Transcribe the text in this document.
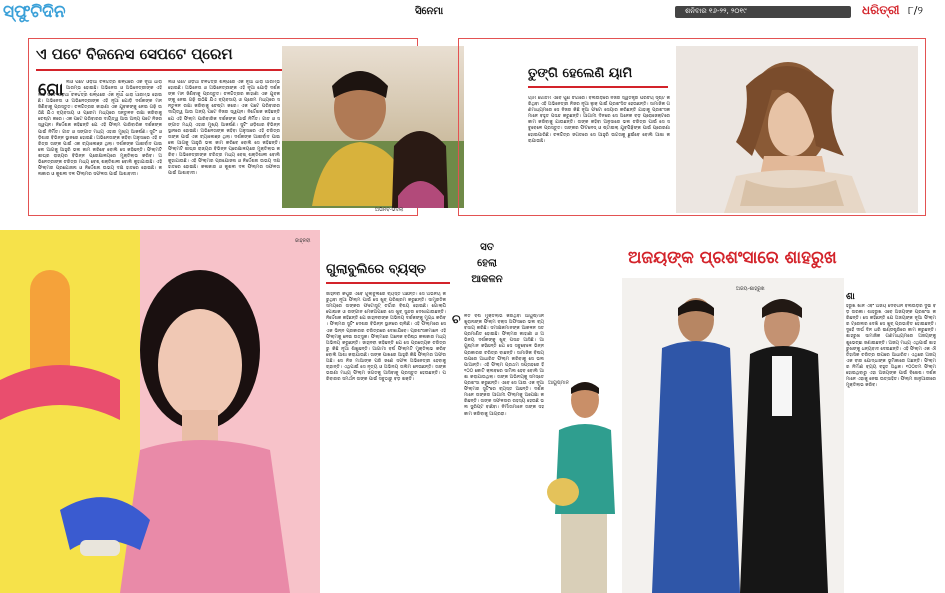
ସ୍ଫୁଟିଦିନ	ସିନେମା	ଶନିବାର ୧୬-୨୨, ୨୦୧୯	ଧରିତ୍ରୀ ୮/୨
ଏ ପଟେ ବିଜନେସ ସେପଟେ ପ୍ରେମ
ଗୋ ଲିଓ ପଟେ ଓଡ଼ିଆ ଚଳଚ୍ଚିତ୍ର ଶିଳ୍ପରେ ଏକ ନୂଆ ଧାରା ଆରମ୍ଭ ହୋଇଛି। ଅଭିନେତା ଓ ଅଭିନେତ୍ରୀଙ୍କ ଏହି
ଲିଓ ପଟେ ଓଡ଼ିଆ ଚଳଚ୍ଚିତ୍ର ଶିଳ୍ପରେ ଏକ ନୂଆ ଧାରା ଆରମ୍ଭ ହୋଇଛି। ଅଭିନେତା ଓ ଅଭିନେତ୍ରୀଙ୍କ ଏହି ନୂଆ ଯୋଡ଼ି ଦର୍ଶକଙ୍କ ମନ ଜିଣିବାକୁ ପ୍ରସ୍ତୁତ। ଚଳଚ୍ଚିତ୍ରର କାହାଣୀ ଏକ ଯୁବକଙ୍କୁ ନେଇ ଗଢ଼ି ଉଠିଛି ଯିଏ ବ୍ୟବସାୟ ଓ ପ୍ରେମ ମଧ୍ୟରେ ସନ୍ତୁଳନ ରକ୍ଷା କରିବାକୁ ଚେଷ୍ଟା କରେ। ଏକ ପଟେ ପରିବାରର ଦାୟିତ୍ୱ ଆଉ ଅନ୍ୟ ପଟେ ନିଜର ସ୍ୱପ୍ନ। ନିର୍ଦ୍ଦେଶକ କହିଛନ୍ତି ଯେ ଏହି ଫିଲ୍ମ ପାରିବାରିକ ଦର୍ଶକଙ୍କ ପାଇଁ ନିର୍ମିତ। ଗୀତ ଓ ସଙ୍ଗୀତ ମଧ୍ୟ ଏହାର ମୁଖ୍ୟ ଆକର୍ଷଣ। ସୁଟିଂ ଓଡ଼ିଶାର ବିଭିନ୍ନ ସ୍ଥାନରେ ହୋଇଛି। ଅଭିନେତାଙ୍କ କହିବା ଅନୁସାରେ ଏହି ଚରିତ୍ର ତାଙ୍କ ପାଇଁ ଏକ ଚ୍ୟାଲେଞ୍ଜ ଥିଲା। ଦର୍ଶକଙ୍କ ଆଶୀର୍ବାଦ ପାଇଲେ ଆଗକୁ ଆହୁରି ଭଲ କାମ କରିବେ ବୋଲି ସେ କହିଛନ୍ତି। ଫିଲ୍ମଟି ଶୀଘ୍ର ରାଜ୍ୟର ବିଭିନ୍ନ ପ୍ରେକ୍ଷାଳୟରେ ମୁକ୍ତିଲାଭ କରିବ। ଅଭିନେତ୍ରୀଙ୍କ ଚରିତ୍ର ମଧ୍ୟ ବେଶ୍ ଶକ୍ତିଶାଳୀ ବୋଲି କୁହାଯାଉଛି। ଏହି ଫିଲ୍ମର ପ୍ରଯୋଜନା ଓ ନିର୍ଦ୍ଦେଶନା ଉଭୟ ଦକ୍ଷ ହାତରେ ହୋଇଛି। କଳାକାର ଓ କୁଶଳୀ ଦଳ ଫିଲ୍ମର ସଫଳତା ପାଇଁ ଆଶାବାଦୀ।
ଲିଓ ପଟେ ଓଡ଼ିଆ ଚଳଚ୍ଚିତ୍ର ଶିଳ୍ପରେ ଏକ ନୂଆ ଧାରା ଆରମ୍ଭ ହୋଇଛି। ଅଭିନେତା ଓ ଅଭିନେତ୍ରୀଙ୍କ ଏହି ନୂଆ ଯୋଡ଼ି ଦର୍ଶକଙ୍କ ମନ ଜିଣିବାକୁ ପ୍ରସ୍ତୁତ। ଚଳଚ୍ଚିତ୍ରର କାହାଣୀ ଏକ ଯୁବକଙ୍କୁ ନେଇ ଗଢ଼ି ଉଠିଛି ଯିଏ ବ୍ୟବସାୟ ଓ ପ୍ରେମ ମଧ୍ୟରେ ସନ୍ତୁଳନ ରକ୍ଷା କରିବାକୁ ଚେଷ୍ଟା କରେ। ଏକ ପଟେ ପରିବାରର ଦାୟିତ୍ୱ ଆଉ ଅନ୍ୟ ପଟେ ନିଜର ସ୍ୱପ୍ନ। ନିର୍ଦ୍ଦେଶକ କହିଛନ୍ତି ଯେ ଏହି ଫିଲ୍ମ ପାରିବାରିକ ଦର୍ଶକଙ୍କ ପାଇଁ ନିର୍ମିତ। ଗୀତ ଓ ସଙ୍ଗୀତ ମଧ୍ୟ ଏହାର ମୁଖ୍ୟ ଆକର୍ଷଣ। ସୁଟିଂ ଓଡ଼ିଶାର ବିଭିନ୍ନ ସ୍ଥାନରେ ହୋଇଛି। ଅଭିନେତାଙ୍କ କହିବା ଅନୁସାରେ ଏହି ଚରିତ୍ର ତାଙ୍କ ପାଇଁ ଏକ ଚ୍ୟାଲେଞ୍ଜ ଥିଲା। ଦର୍ଶକଙ୍କ ଆଶୀର୍ବାଦ ପାଇଲେ ଆଗକୁ ଆହୁରି ଭଲ କାମ କରିବେ ବୋଲି ସେ କହିଛନ୍ତି। ଫିଲ୍ମଟି ଶୀଘ୍ର ରାଜ୍ୟର ବିଭିନ୍ନ ପ୍ରେକ୍ଷାଳୟରେ ମୁକ୍ତିଲାଭ କରିବ। ଅଭିନେତ୍ରୀଙ୍କ ଚରିତ୍ର ମଧ୍ୟ ବେଶ୍ ଶକ୍ତିଶାଳୀ ବୋଲି କୁହାଯାଉଛି। ଏହି ଫିଲ୍ମର ପ୍ରଯୋଜନା ଓ ନିର୍ଦ୍ଦେଶନା ଉଭୟ ଦକ୍ଷ ହାତରେ ହୋଇଛି। କଳାକାର ଓ କୁଶଳୀ ଦଳ ଫିଲ୍ମର ସଫଳତା ପାଇଁ ଆଶାବାଦୀ।
ଅଭିନବ-ଭିଦଲା
ତୁଙ୍ଗି ହେଲେଣି ୟାମି
ୟାମି ଗୌତମ ଏବେ ପୁଣି ଚର୍ଚ୍ଚାରେ। ବଲିଉଡ଼ରେ ନିଜର ସ୍ୱତନ୍ତ୍ର ପରିଚୟ ସୃଷ୍ଟି କରିଥିବା ଏହି ଅଭିନେତ୍ରୀ ନିଜର ନୂଆ ଲୁକ୍ ପାଇଁ ପ୍ରଶଂସିତ ହେଉଛନ୍ତି। ସାମାଜିକ ଗଣମାଧ୍ୟମରେ ସେ ନିଜର କିଛି ନୂଆ ଫଟୋ ସେୟାର କରିଛନ୍ତି ଯାହାକୁ ପ୍ରଶଂସକମାନେ ବହୁତ ପସନ୍ଦ କରୁଛନ୍ତି। ଆଗାମୀ ଦିନରେ ସେ ଅନେକ ବଡ଼ ପ୍ରୋଜେକ୍ଟରେ କାମ କରିବାକୁ ଯାଉଛନ୍ତି। ତାଙ୍କ କହିବା ଅନୁସାରେ ଭଲ ଚରିତ୍ର ପାଇଁ ସେ ସବୁବେଳେ ପ୍ରସ୍ତୁତ। ତାଙ୍କର ଫିଟନେସ୍ ଓ ଷ୍ଟାଇଲ୍ ଯୁବପିଢ଼ିଙ୍କ ପାଇଁ ପ୍ରେରଣା ହୋଇପାରିଛି। ଚଳଚ୍ଚିତ୍ର ଜଗତରେ ସେ ଆହୁରି ଉଚ୍ଚତାକୁ ଛୁଇଁବେ ବୋଲି ଆଶା କରାଯାଉଛି।
ଜାହ୍ନବୀ
ଗୁଲାବୁଲିରେ ବ୍ୟସ୍ତ
ଜାହ୍ନବୀ କପୁର ଏବେ ଗୁଲାବୁଲିରେ ବ୍ୟସ୍ତ ଅଛନ୍ତି। ସେ ଅଭିନୟ କରୁଥିବା ନୂଆ ଫିଲ୍ମ ପାଇଁ ସେ ଖୁବ୍ ପରିଶ୍ରମ କରୁଛନ୍ତି। ସାମ୍ପ୍ରତିକ ସମୟରେ ତାଙ୍କର ଫଟୋସୁଟ୍ ଚର୍ଚ୍ଚାର ବିଷୟ ହୋଇଛି। ଗୋଲାପି ପୋଷାକ ଓ ରଙ୍ଗୀନ ମେକଅପରେ ସେ ଖୁବ୍ ସୁନ୍ଦର ଦେଖାଯାଉଛନ୍ତି। ନିର୍ଦ୍ଦେଶକ କହିଛନ୍ତି ଯେ ଜାହ୍ନବୀଙ୍କ ଅଭିନୟ ଦର୍ଶକଙ୍କୁ ମୁଗ୍ଧ କରିବ। ଫିଲ୍ମର ସୁଟିଂ ଦେଶର ବିଭିନ୍ନ ସ୍ଥାନରେ ଚାଲିଛି। ଏହି ଫିଲ୍ମରେ ସେ ଏକ ଭିନ୍ନ ପ୍ରକାରର ଚରିତ୍ରରେ ଦେଖାଯିବେ। ପ୍ରଶଂସକମାନେ ଏହି ଫିଲ୍ମକୁ ନେଇ ଉତ୍ସୁକ। ଫିଲ୍ମରେ ଅନେକ ବରିଷ୍ଠ କଳାକାର ମଧ୍ୟ ଅଭିନୟ କରୁଛନ୍ତି। ଜାହ୍ନବୀ କହିଛନ୍ତି ଯେ ସେ ପ୍ରତ୍ୟେକ ଚରିତ୍ରରୁ କିଛି ନୂଆ ଶିଖୁଛନ୍ତି। ଆଗାମୀ ବର୍ଷ ଫିଲ୍ମଟି ମୁକ୍ତିଲାଭ କରିବ ବୋଲି ଆଶା କରାଯାଉଛି। ତାଙ୍କ ପାଖରେ ଆହୁରି କିଛି ଫିଲ୍ମର ଅଫର ଅଛି। ସେ ନିଜ ମାଆଙ୍କ ପରି ଜଣେ ସଫଳ ଅଭିନେତ୍ରୀ ହେବାକୁ ଚାହାନ୍ତି। ଏଥିପାଇଁ ସେ ନୃତ୍ୟ ଓ ଅଭିନୟ ତାଲିମ ନେଉଛନ୍ତି। ତାଙ୍କ ଭଉଣୀ ମଧ୍ୟ ଫିଲ୍ମ ଜଗତକୁ ଆସିବାକୁ ପ୍ରସ୍ତୁତ ହେଉଛନ୍ତି। ପରିବାରର ସମର୍ଥନ ତାଙ୍କ ପାଇଁ ସବୁଠାରୁ ବଡ଼ ଶକ୍ତି।
ସତ
ହେଲା
ଆକଳନ
ଚ ଳିତ ବର୍ଷ ମୁକ୍ତିଲାଭ କରିଥିବା ଆୟୁଷ୍ମାନ ଖୁରାନାଙ୍କ ଫିଲ୍ମ ବକ୍ସ ଅଫିସରେ ଭଲ ବ୍ୟବସାୟ କରିଛି। ସମୀକ୍ଷକମାନଙ୍କ ଆକଳନ ସତ ପ୍ରମାଣିତ ହୋଇଛି। ଫିଲ୍ମର କାହାଣୀ ଓ ଅଭିନୟ ଦର୍ଶକଙ୍କୁ ଖୁବ୍ ପସନ୍ଦ ଆସିଛି। ଆୟୁଷ୍ମାନ କହିଛନ୍ତି ଯେ ସେ ସବୁବେଳେ ଭିନ୍ନ ପ୍ରକାରର ଚରିତ୍ର ବାଛନ୍ତି। ସାମାଜିକ ବିଷୟ ଉପରେ ଆଧାରିତ ଫିଲ୍ମ କରିବାକୁ ସେ ଭଲ ପାଆନ୍ତି। ଏହି ଫିଲ୍ମ ପ୍ରଥମ ସପ୍ତାହରେ ହିଁ ୧୦୦ କୋଟି କ୍ଲବରେ ସାମିଲ ହେବ ବୋଲି ଆଶା କରାଯାଉଥିଲା। ତାଙ୍କ ଅଭିନୟକୁ ସମସ୍ତେ ପ୍ରଶଂସା କରୁଛନ୍ତି। ଏବେ ସେ ଆଉ ଏକ ନୂଆ ଫିଲ୍ମର ସୁଟିଂରେ ବ୍ୟସ୍ତ ଅଛନ୍ତି। ଦର୍ଶକମାନେ ତାଙ୍କର ଆଗାମୀ ଫିଲ୍ମକୁ ଅପେକ୍ଷା କରିଛନ୍ତି। ତାଙ୍କ ସଫଳତାର ରହସ୍ୟ ହେଉଛି ଭଲ ସ୍କ୍ରିପ୍ଟ ବାଛିବା। ନିର୍ମାତାମାନେ ତାଙ୍କ ସହ କାମ କରିବାକୁ ଆଗ୍ରହୀ।
ଆୟୁଷ୍ମାନ
ଅଜୟଙ୍କ ପ୍ରଶଂସାରେ ଶାହରୁଖ
ଅଜୟ-ଶାହରୁଖ
ଶା
ହରୁଖ ଖାନ ଏବଂ ଅଜୟ ଦେବଗନ ବଲିଉଡ଼ର ଦୁଇ ବଡ଼ ତାରକା। ଶାହରୁଖ ଏବେ ଅଜୟଙ୍କ ପ୍ରଶଂସା କରିଛନ୍ତି। ସେ କହିଛନ୍ତି ଯେ ଅଜୟଙ୍କ ନୂଆ ଫିଲ୍ମର ଟ୍ରେଲର ଦେଖି ସେ ଖୁବ୍ ପ୍ରଭାବିତ ହୋଇଛନ୍ତି। ଦୁହେଁ ଦୀର୍ଘ ଦିନ ଧରି ଇଣ୍ଡଷ୍ଟ୍ରିରେ କାମ କରୁଛନ୍ତି। ଶାହରୁଖ ସାମାଜିକ ଗଣମାଧ୍ୟମରେ ଅଜୟଙ୍କୁ ଶୁଭେଚ୍ଛା ଜଣାଇଛନ୍ତି। ଅଜୟ ମଧ୍ୟ ଏଥିପାଇଁ ଶାହରୁଖଙ୍କୁ ଧନ୍ୟବାଦ ଦେଇଛନ୍ତି। ଏହି ଫିଲ୍ମ ଏକ ଐତିହାସିକ ଚରିତ୍ର ଉପରେ ଆଧାରିତ। ଏଥିରେ ଅଜୟ ଏକ ବୀର ଯୋଦ୍ଧାଙ୍କ ଭୂମିକାରେ ଅଛନ୍ତି। ଫିଲ୍ମର ନିର୍ମାଣ ବ୍ୟୟ ବହୁତ ଅଧିକ। ୧୦୦ତମ ଫିଲ୍ମ ହୋଇଥିବାରୁ ଏହା ଅଜୟଙ୍କ ପାଇଁ ବିଶେଷ। ଦର୍ଶକମାନେ ଏହାକୁ ନେଇ ଉତ୍ସାହିତ। ଫିଲ୍ମ ଜାନୁଆରୀରେ ମୁକ୍ତିଲାଭ କରିବ।
